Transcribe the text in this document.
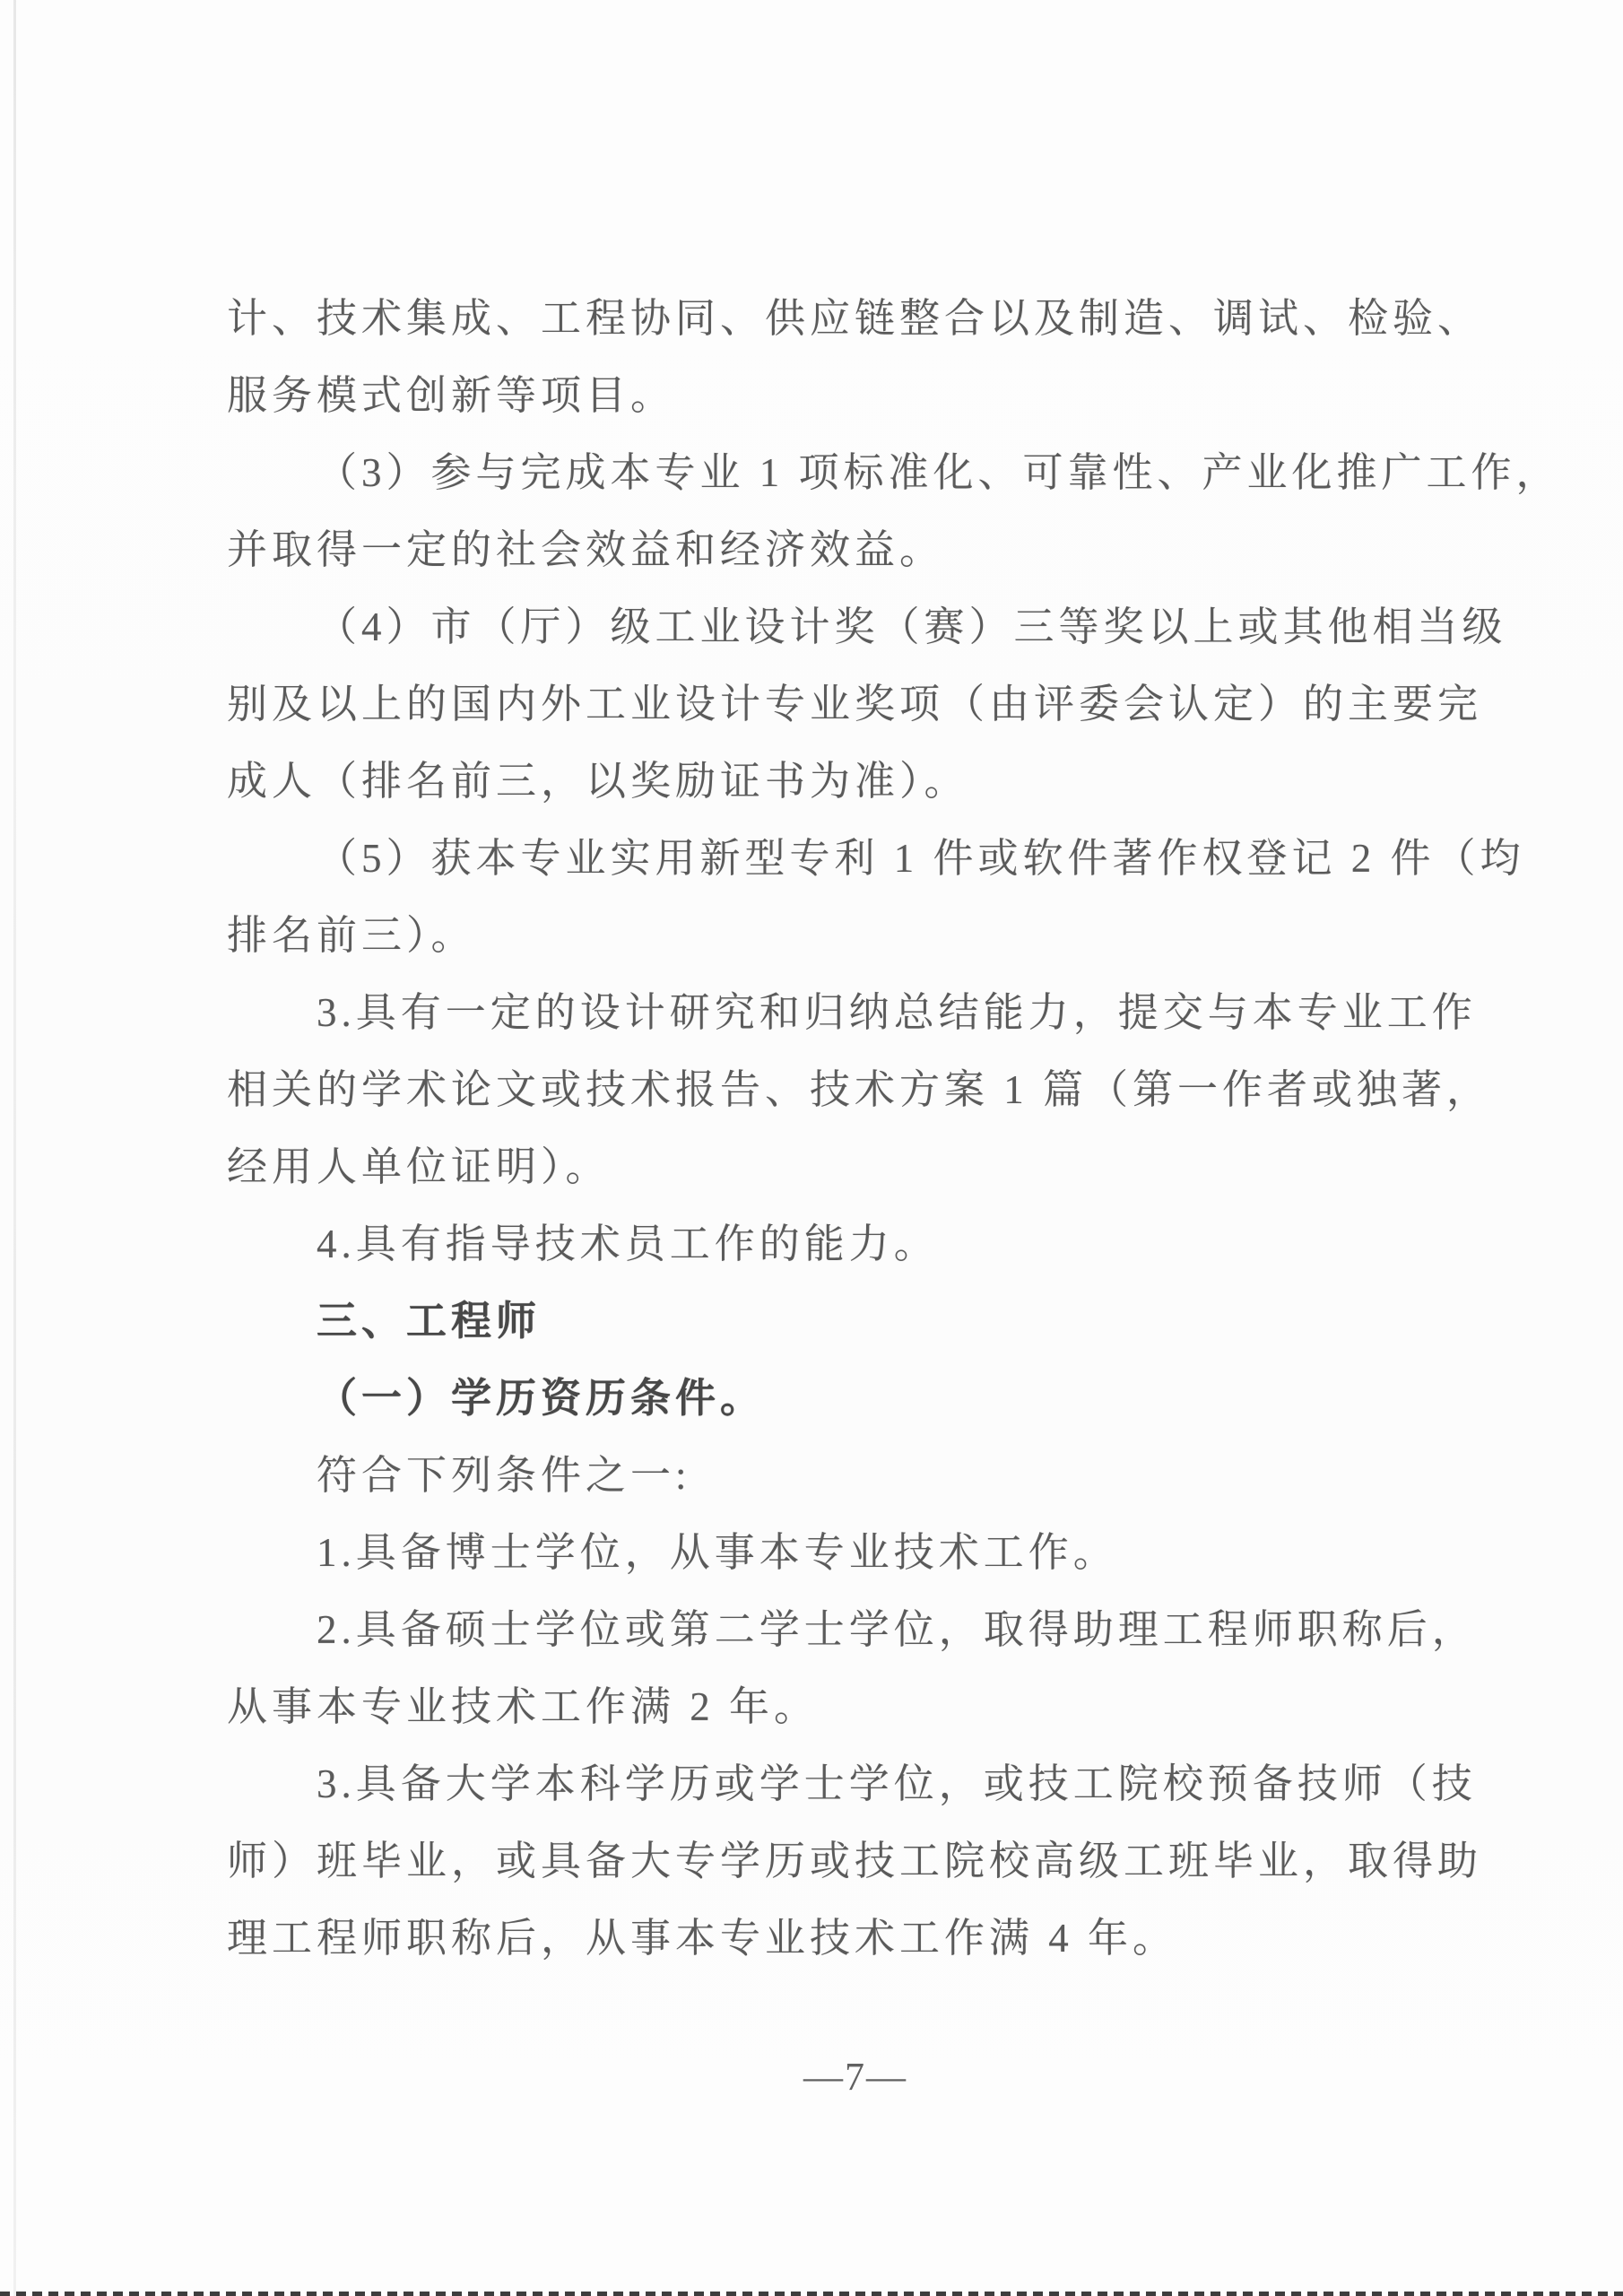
计、技术集成、工程协同、供应链整合以及制造、调试、检验、
服务模式创新等项目。
（3）参与完成本专业 1 项标准化、可靠性、产业化推广工作，
并取得一定的社会效益和经济效益。
（4）市（厅）级工业设计奖（赛）三等奖以上或其他相当级
别及以上的国内外工业设计专业奖项（由评委会认定）的主要完
成人（排名前三，以奖励证书为准）。
（5）获本专业实用新型专利 1 件或软件著作权登记 2 件（均
排名前三）。
3.具有一定的设计研究和归纳总结能力，提交与本专业工作
相关的学术论文或技术报告、技术方案 1 篇（第一作者或独著，
经用人单位证明）。
4.具有指导技术员工作的能力。
三、工程师
（一）学历资历条件。
符合下列条件之一:
1.具备博士学位，从事本专业技术工作。
2.具备硕士学位或第二学士学位，取得助理工程师职称后，
从事本专业技术工作满 2 年。
3.具备大学本科学历或学士学位，或技工院校预备技师（技
师）班毕业，或具备大专学历或技工院校高级工班毕业，取得助
理工程师职称后，从事本专业技术工作满 4 年。
—7—
